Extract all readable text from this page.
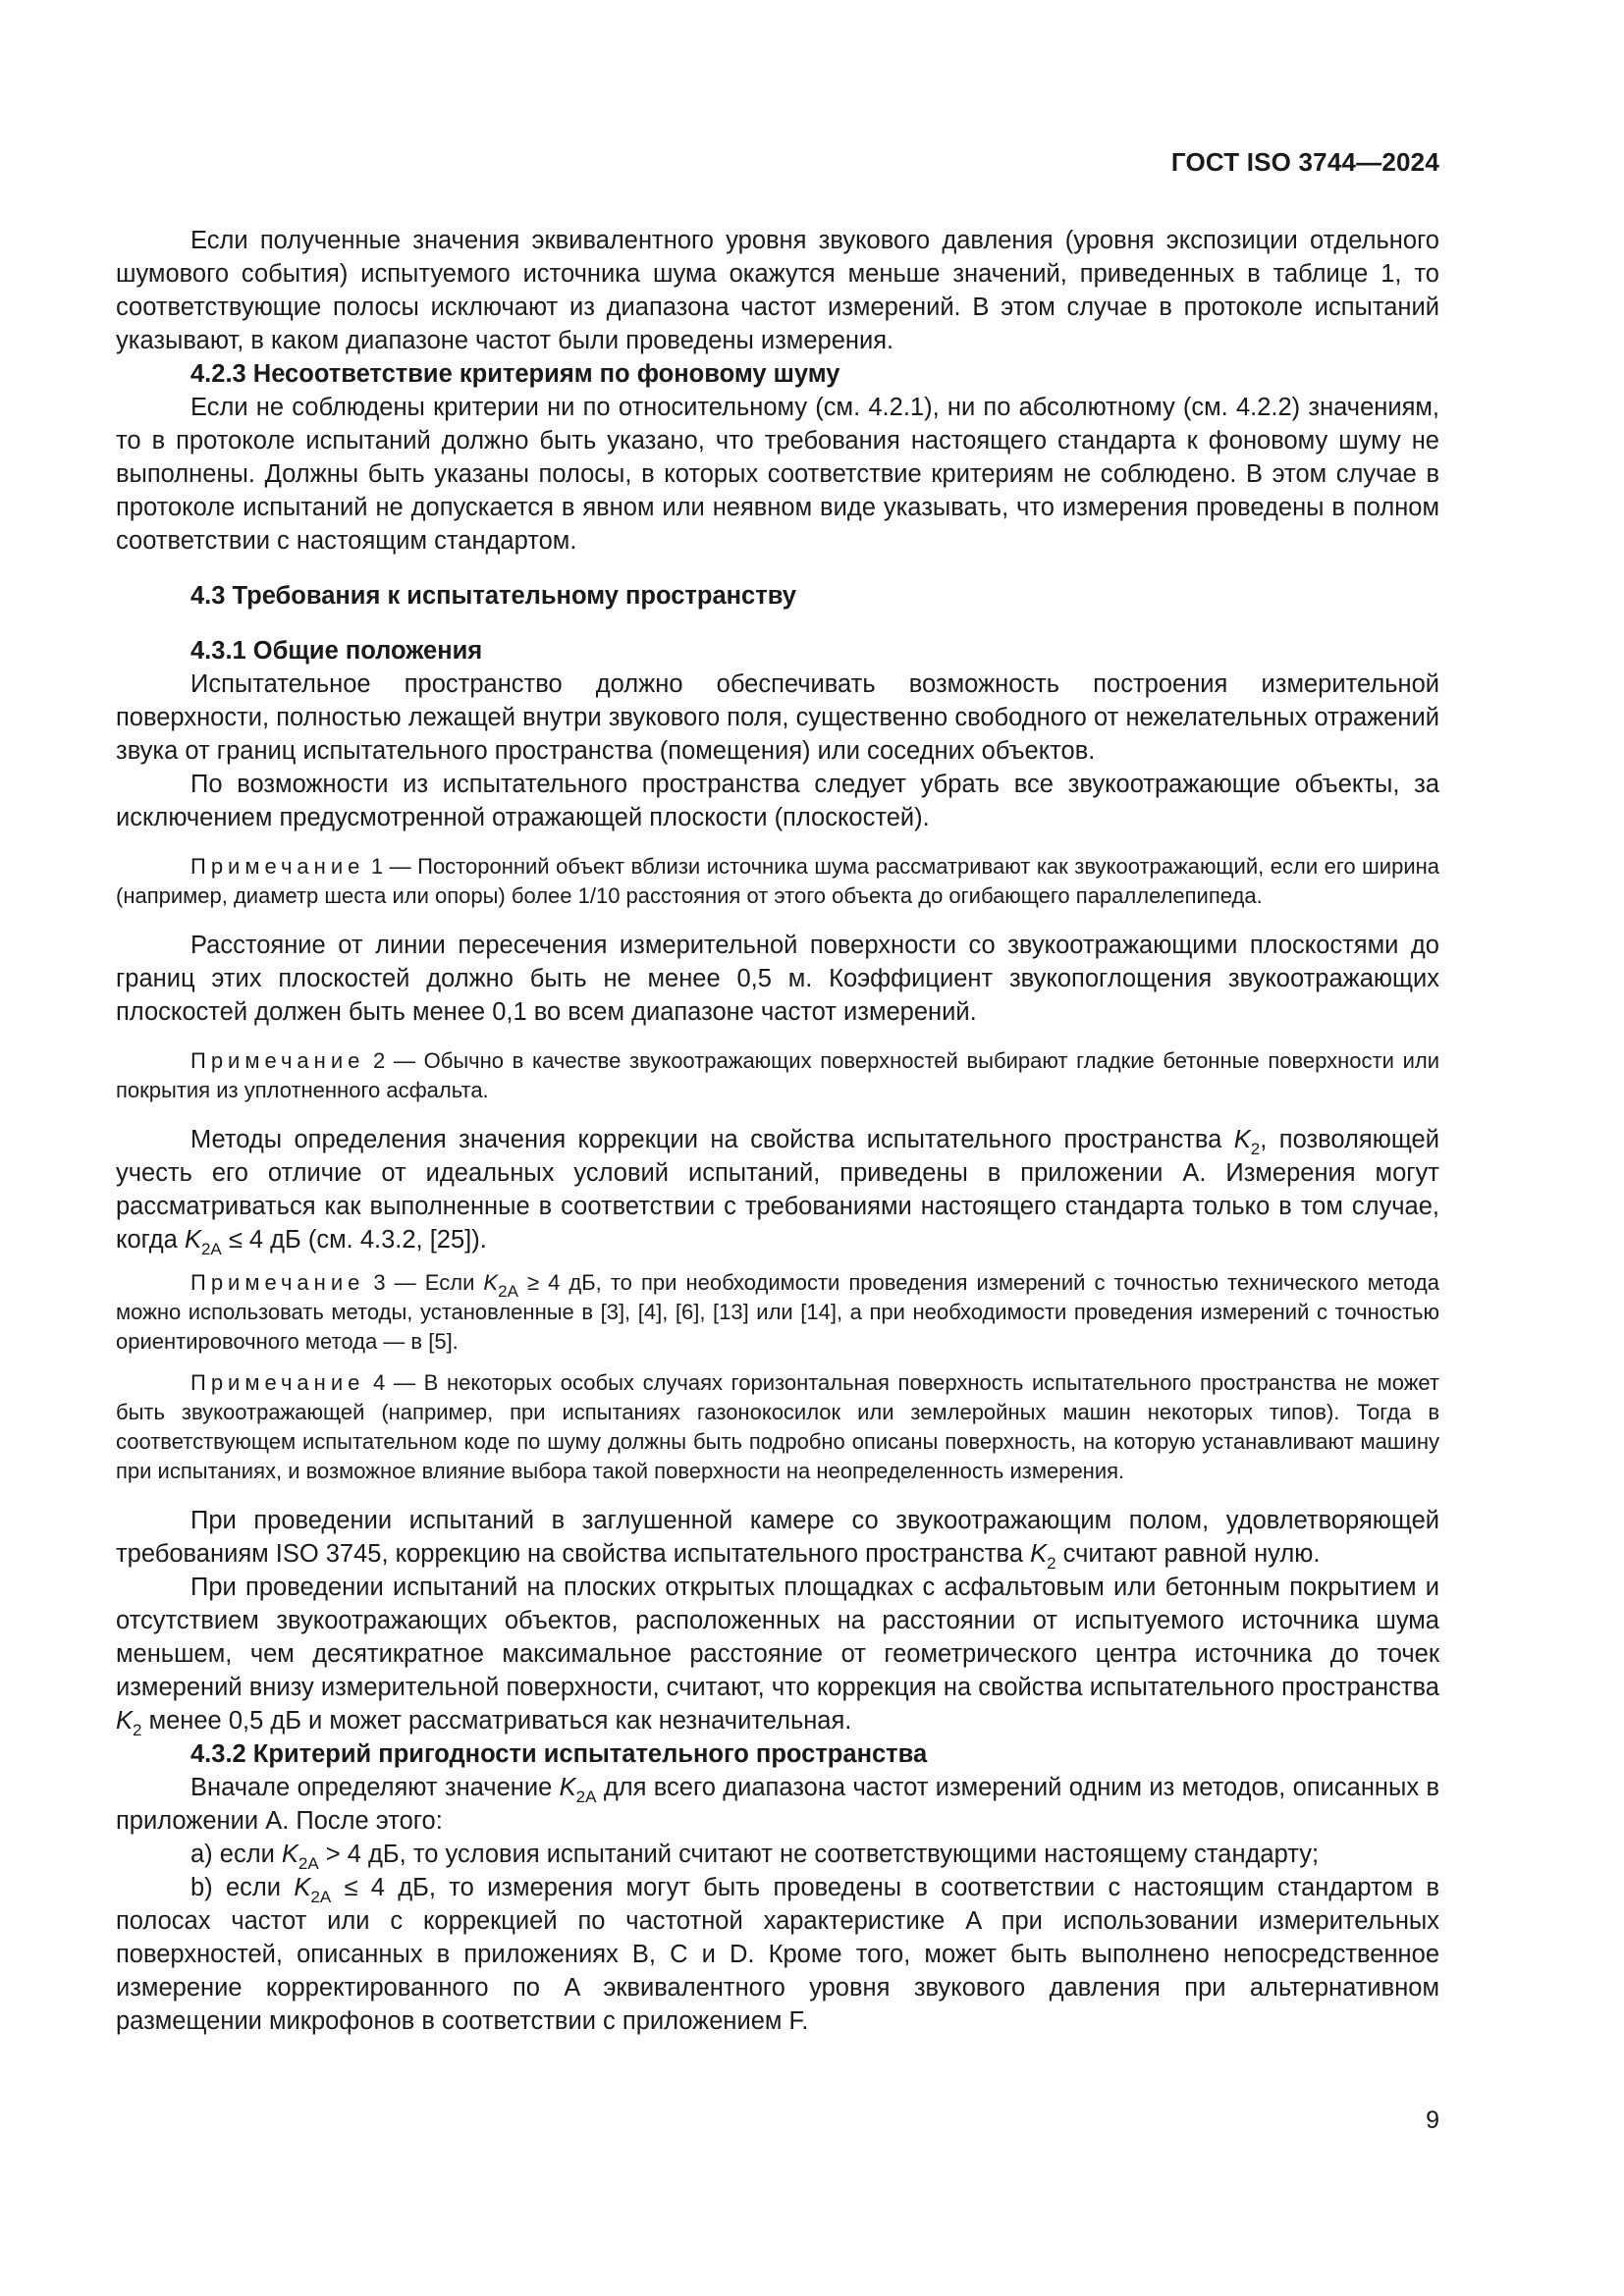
ГОСТ ISO 3744—2024

Если полученные значения эквивалентного уровня звукового давления (уровня экспозиции отдельного шумового события) испытуемого источника шума окажутся меньше значений, приведенных в таблице 1, то соответствующие полосы исключают из диапазона частот измерений. В этом случае в протоколе испытаний указывают, в каком диапазоне частот были проведены измерения.

4.2.3 Несоответствие критериям по фоновому шуму

Если не соблюдены критерии ни по относительному (см. 4.2.1), ни по абсолютному (см. 4.2.2) значениям, то в протоколе испытаний должно быть указано, что требования настоящего стандарта к фоновому шуму не выполнены. Должны быть указаны полосы, в которых соответствие критериям не соблюдено. В этом случае в протоколе испытаний не допускается в явном или неявном виде указывать, что измерения проведены в полном соответствии с настоящим стандартом.

4.3 Требования к испытательному пространству

4.3.1 Общие положения

Испытательное пространство должно обеспечивать возможность построения измерительной поверхности, полностью лежащей внутри звукового поля, существенно свободного от нежелательных отражений звука от границ испытательного пространства (помещения) или соседних объектов.

По возможности из испытательного пространства следует убрать все звукоотражающие объекты, за исключением предусмотренной отражающей плоскости (плоскостей).

Примечание 1 — Посторонний объект вблизи источника шума рассматривают как звукоотражающий, если его ширина (например, диаметр шеста или опоры) более 1/10 расстояния от этого объекта до огибающего параллелепипеда.

Расстояние от линии пересечения измерительной поверхности со звукоотражающими плоскостями до границ этих плоскостей должно быть не менее 0,5 м. Коэффициент звукопоглощения звукоотражающих плоскостей должен быть менее 0,1 во всем диапазоне частот измерений.

Примечание 2 — Обычно в качестве звукоотражающих поверхностей выбирают гладкие бетонные поверхности или покрытия из уплотненного асфальта.

Методы определения значения коррекции на свойства испытательного пространства $K_2$, позволяющей учесть его отличие от идеальных условий испытаний, приведены в приложении А. Измерения могут рассматриваться как выполненные в соответствии с требованиями настоящего стандарта только в том случае, когда $K_{2A} \le 4$ дБ (см. 4.3.2, [25]).

Примечание 3 — Если $K_{2A} \ge 4$ дБ, то при необходимости проведения измерений с точностью технического метода можно использовать методы, установленные в [3], [4], [6], [13] или [14], а при необходимости проведения измерений с точностью ориентировочного метода — в [5].

Примечание 4 — В некоторых особых случаях горизонтальная поверхность испытательного пространства не может быть звукоотражающей (например, при испытаниях газонокосилок или землеройных машин некоторых типов). Тогда в соответствующем испытательном коде по шуму должны быть подробно описаны поверхность, на которую устанавливают машину при испытаниях, и возможное влияние выбора такой поверхности на неопределенность измерения.

При проведении испытаний в заглушенной камере со звукоотражающим полом, удовлетворяющей требованиям ISO 3745, коррекцию на свойства испытательного пространства $K_2$ считают равной нулю.

При проведении испытаний на плоских открытых площадках с асфальтовым или бетонным покрытием и отсутствием звукоотражающих объектов, расположенных на расстоянии от испытуемого источника шума меньшем, чем десятикратное максимальное расстояние от геометрического центра источника до точек измерений внизу измерительной поверхности, считают, что коррекция на свойства испытательного пространства $K_2$ менее 0,5 дБ и может рассматриваться как незначительная.

4.3.2 Критерий пригодности испытательного пространства

Вначале определяют значение $K_{2A}$ для всего диапазона частот измерений одним из методов, описанных в приложении А. После этого:

a) если $K_{2A} > 4$ дБ, то условия испытаний считают не соответствующими настоящему стандарту;

b) если $K_{2A} \le 4$ дБ, то измерения могут быть проведены в соответствии с настоящим стандартом в полосах частот или с коррекцией по частотной характеристике A при использовании измерительных поверхностей, описанных в приложениях B, C и D. Кроме того, может быть выполнено непосредственное измерение корректированного по A эквивалентного уровня звукового давления при альтернативном размещении микрофонов в соответствии с приложением F.

9
